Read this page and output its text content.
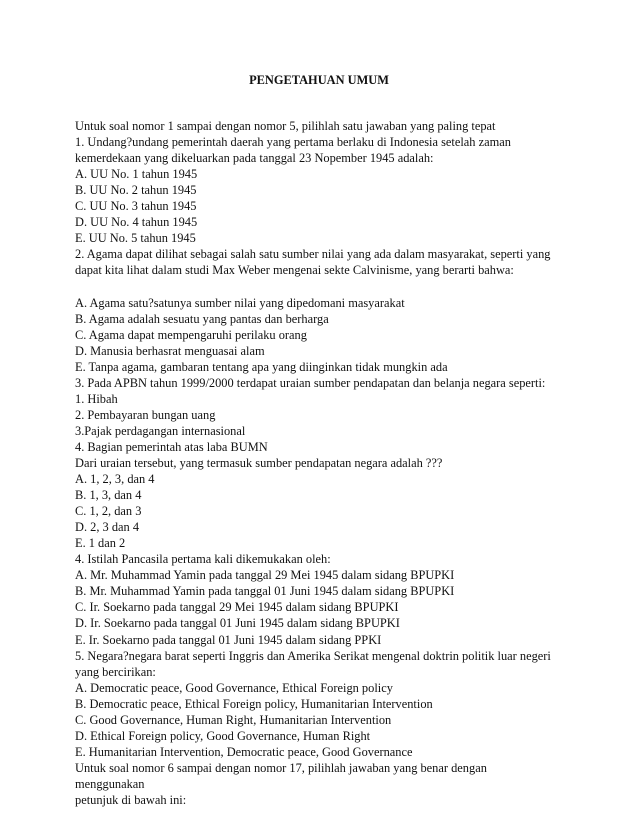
PENGETAHUAN UMUM
Untuk soal nomor 1 sampai dengan nomor 5, pilihlah satu jawaban yang paling tepat
1. Undang?undang pemerintah daerah yang pertama berlaku di Indonesia setelah zaman
kemerdekaan yang dikeluarkan pada tanggal 23 Nopember 1945 adalah:
A. UU No. 1 tahun 1945
B. UU No. 2 tahun 1945
C. UU No. 3 tahun 1945
D. UU No. 4 tahun 1945
E. UU No. 5 tahun 1945
2. Agama dapat dilihat sebagai salah satu sumber nilai yang ada dalam masyarakat, seperti yang
dapat kita lihat dalam studi Max Weber mengenai sekte Calvinisme, yang berarti bahwa:
A. Agama satu?satunya sumber nilai yang dipedomani masyarakat
B. Agama adalah sesuatu yang pantas dan berharga
C. Agama dapat mempengaruhi perilaku orang
D. Manusia berhasrat menguasai alam
E. Tanpa agama, gambaran tentang apa yang diinginkan tidak mungkin ada
3. Pada APBN tahun 1999/2000 terdapat uraian sumber pendapatan dan belanja negara seperti:
1. Hibah
2. Pembayaran bungan uang
3.Pajak perdagangan internasional
4. Bagian pemerintah atas laba BUMN
Dari uraian tersebut, yang termasuk sumber pendapatan negara adalah ???
A. 1, 2, 3, dan 4
B. 1, 3, dan 4
C. 1, 2, dan 3
D. 2, 3 dan 4
E. 1 dan 2
4. Istilah Pancasila pertama kali dikemukakan oleh:
A. Mr. Muhammad Yamin pada tanggal 29 Mei 1945 dalam sidang BPUPKI
B. Mr. Muhammad Yamin pada tanggal 01 Juni 1945 dalam sidang BPUPKI
C. Ir. Soekarno pada tanggal 29 Mei 1945 dalam sidang BPUPKI
D. Ir. Soekarno pada tanggal 01 Juni 1945 dalam sidang BPUPKI
E. Ir. Soekarno pada tanggal 01 Juni 1945 dalam sidang PPKI
5. Negara?negara barat seperti Inggris dan Amerika Serikat mengenal doktrin politik luar negeri
yang bercirikan:
A. Democratic peace, Good Governance, Ethical Foreign policy
B. Democratic peace, Ethical Foreign policy, Humanitarian Intervention
C. Good Governance, Human Right, Humanitarian Intervention
D. Ethical Foreign policy, Good Governance, Human Right
E. Humanitarian Intervention, Democratic peace, Good Governance
Untuk soal nomor 6 sampai dengan nomor 17, pilihlah jawaban yang benar dengan
menggunakan
petunjuk di bawah ini:
